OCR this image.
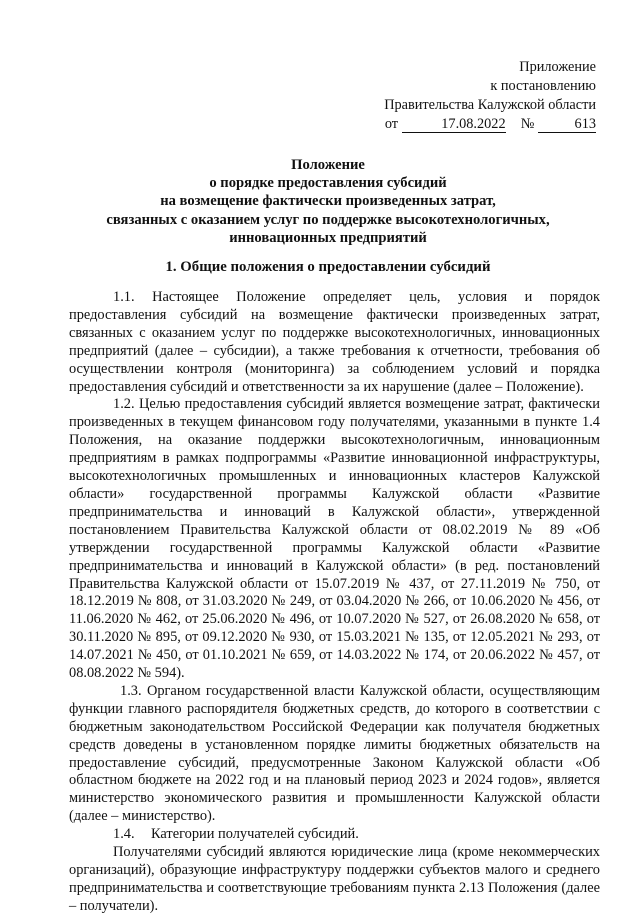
Приложение
к постановлению
Правительства Калужской области
от	17.08.2022 №	613
Положение
о порядке предоставления субсидий
на возмещение фактически произведенных затрат,
связанных с оказанием услуг по поддержке высокотехнологичных,
инновационных предприятий
1. Общие положения о предоставлении субсидий

1.1. Настоящее Положение определяет цель, условия и порядок предоставления субсидий на возмещение фактически произведенных затрат, связанных с оказанием услуг по поддержке высокотехнологичных, инновационных предприятий (далее – субсидии), а также требования к отчетности, требования об осуществлении контроля (мониторинга) за соблюдением условий и порядка предоставления субсидий и ответственности за их нарушение (далее – Положение).

1.2. Целью предоставления субсидий является возмещение затрат, фактически произведенных в текущем финансовом году получателями, указанными в пункте 1.4 Положения, на оказание поддержки высокотехнологичным, инновационным предприятиям в рамках подпрограммы «Развитие инновационной инфраструктуры, высокотехнологичных промышленных и инновационных кластеров Калужской области» государственной программы Калужской области «Развитие предпринимательства и инноваций в Калужской области», утвержденной постановлением Правительства Калужской области от 08.02.2019 № 89 «Об утверждении государственной программы Калужской области «Развитие предпринимательства и инноваций в Калужской области» (в ред. постановлений Правительства Калужской области от 15.07.2019 № 437, от 27.11.2019 № 750, от 18.12.2019 № 808, от 31.03.2020 № 249, от 03.04.2020 № 266, от 10.06.2020 № 456, от 11.06.2020 № 462, от 25.06.2020 № 496, от 10.07.2020 № 527, от 26.08.2020 № 658, от 30.11.2020 № 895, от 09.12.2020 № 930, от 15.03.2021 № 135, от 12.05.2021 № 293, от 14.07.2021 № 450, от 01.10.2021 № 659, от 14.03.2022 № 174, от 20.06.2022 № 457, от 08.08.2022 № 594).

1.3. Органом государственной власти Калужской области, осуществляющим функции главного распорядителя бюджетных средств, до которого в соответствии с бюджетным законодательством Российской Федерации как получателя бюджетных средств доведены в установленном порядке лимиты бюджетных обязательств на предоставление субсидий, предусмотренные Законом Калужской области «Об областном бюджете на 2022 год и на плановый период 2023 и 2024 годов», является министерство экономического развития и промышленности Калужской области (далее – министерство).

1.4. Категории получателей субсидий.

Получателями субсидий являются юридические лица (кроме некоммерческих организаций), образующие инфраструктуру поддержки субъектов малого и среднего предпринимательства и соответствующие требованиям пункта 2.13 Положения (далее – получатели).
